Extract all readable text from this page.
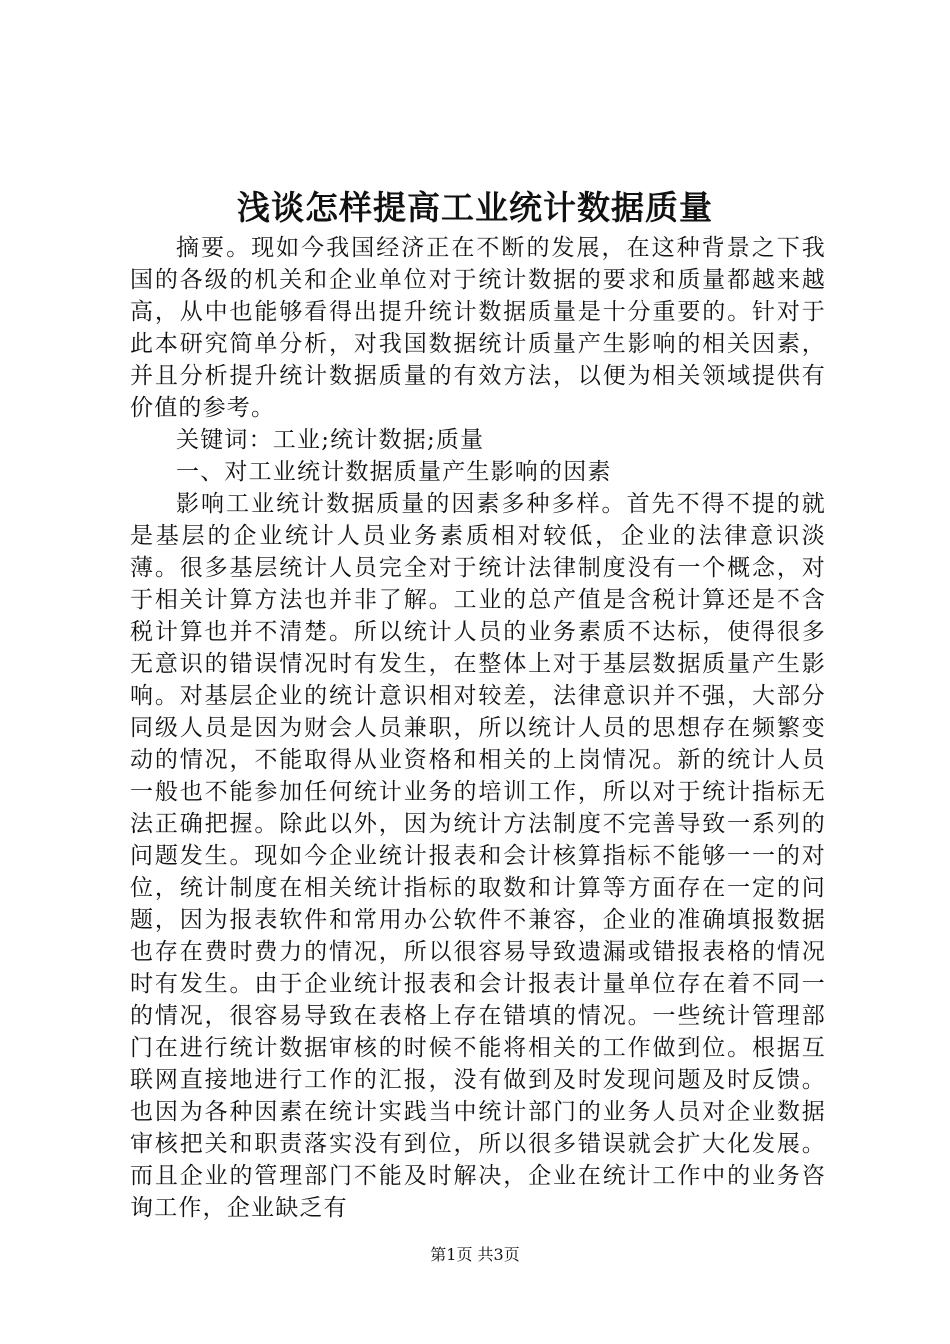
浅谈怎样提高工业统计数据质量

摘要。现如今我国经济正在不断的发展，在这种背景之下我国的各级的机关和企业单位对于统计数据的要求和质量都越来越高，从中也能够看得出提升统计数据质量是十分重要的。针对于此本研究简单分析，对我国数据统计质量产生影响的相关因素，并且分析提升统计数据质量的有效方法，以便为相关领域提供有价值的参考。

关键词：工业;统计数据;质量

一、对工业统计数据质量产生影响的因素

影响工业统计数据质量的因素多种多样。首先不得不提的就是基层的企业统计人员业务素质相对较低，企业的法律意识淡薄。很多基层统计人员完全对于统计法律制度没有一个概念，对于相关计算方法也并非了解。工业的总产值是含税计算还是不含税计算也并不清楚。所以统计人员的业务素质不达标，使得很多无意识的错误情况时有发生，在整体上对于基层数据质量产生影响。对基层企业的统计意识相对较差，法律意识并不强，大部分同级人员是因为财会人员兼职，所以统计人员的思想存在频繁变动的情况，不能取得从业资格和相关的上岗情况。新的统计人员一般也不能参加任何统计业务的培训工作，所以对于统计指标无法正确把握。除此以外，因为统计方法制度不完善导致一系列的问题发生。现如今企业统计报表和会计核算指标不能够一一的对位，统计制度在相关统计指标的取数和计算等方面存在一定的问题，因为报表软件和常用办公软件不兼容，企业的准确填报数据也存在费时费力的情况，所以很容易导致遗漏或错报表格的情况时有发生。由于企业统计报表和会计报表计量单位存在着不同一的情况，很容易导致在表格上存在错填的情况。一些统计管理部门在进行统计数据审核的时候不能将相关的工作做到位。根据互联网直接地进行工作的汇报，没有做到及时发现问题及时反馈。也因为各种因素在统计实践当中统计部门的业务人员对企业数据审核把关和职责落实没有到位，所以很多错误就会扩大化发展。而且企业的管理部门不能及时解决，企业在统计工作中的业务咨询工作，企业缺乏有

第1页 共3页
